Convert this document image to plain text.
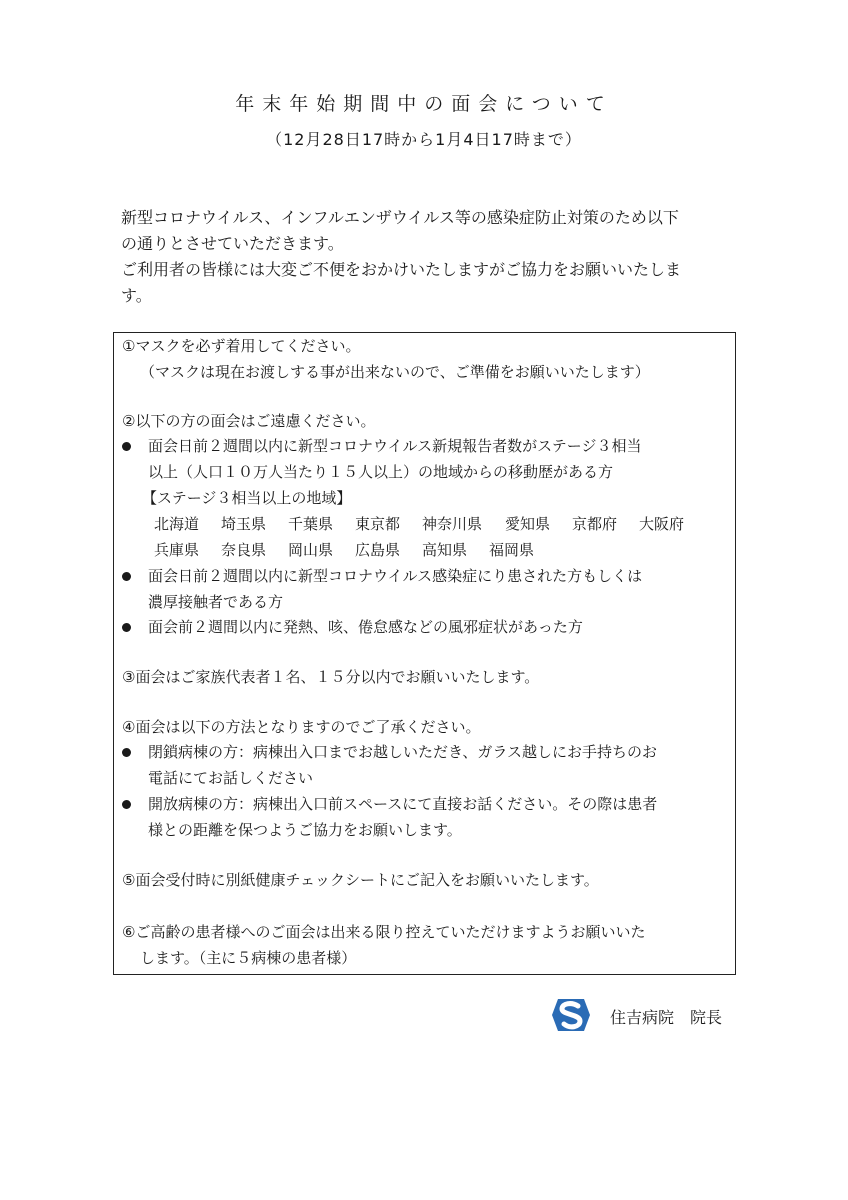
年末年始期間中の面会について
（12月28日17時から1月4日17時まで）

新型コロナウイルス、インフルエンザウイルス等の感染症防止対策のため以下

の通りとさせていただきます。

ご利用者の皆様には大変ご不便をおかけいたしますがご協力をお願いいたしま

す。

①マスクを必ず着用してください。

（マスクは現在お渡しする事が出来ないので、ご準備をお願いいたします）

②以下の方の面会はご遠慮ください。

面会日前２週間以内に新型コロナウイルス新規報告者数がステージ３相当

以上（人口１０万人当たり１５人以上）の地域からの移動歴がある方

【ステージ３相当以上の地域】

北海道 埼玉県 千葉県 東京都 神奈川県 愛知県 京都府 大阪府
兵庫県 奈良県 岡山県 広島県 高知県 福岡県

面会日前２週間以内に新型コロナウイルス感染症にり患された方もしくは

濃厚接触者である方

面会前２週間以内に発熱、咳、倦怠感などの風邪症状があった方

③面会はご家族代表者１名、１５分以内でお願いいたします。

④面会は以下の方法となりますのでご了承ください。

閉鎖病棟の方：病棟出入口までお越しいただき、ガラス越しにお手持ちのお

電話にてお話しください

開放病棟の方：病棟出入口前スペースにて直接お話ください。その際は患者

様との距離を保つようご協力をお願いします。

⑤面会受付時に別紙健康チェックシートにご記入をお願いいたします。

⑥ご高齢の患者様へのご面会は出来る限り控えていただけますようお願いいた

します。（主に５病棟の患者様）

住吉病院　院長
